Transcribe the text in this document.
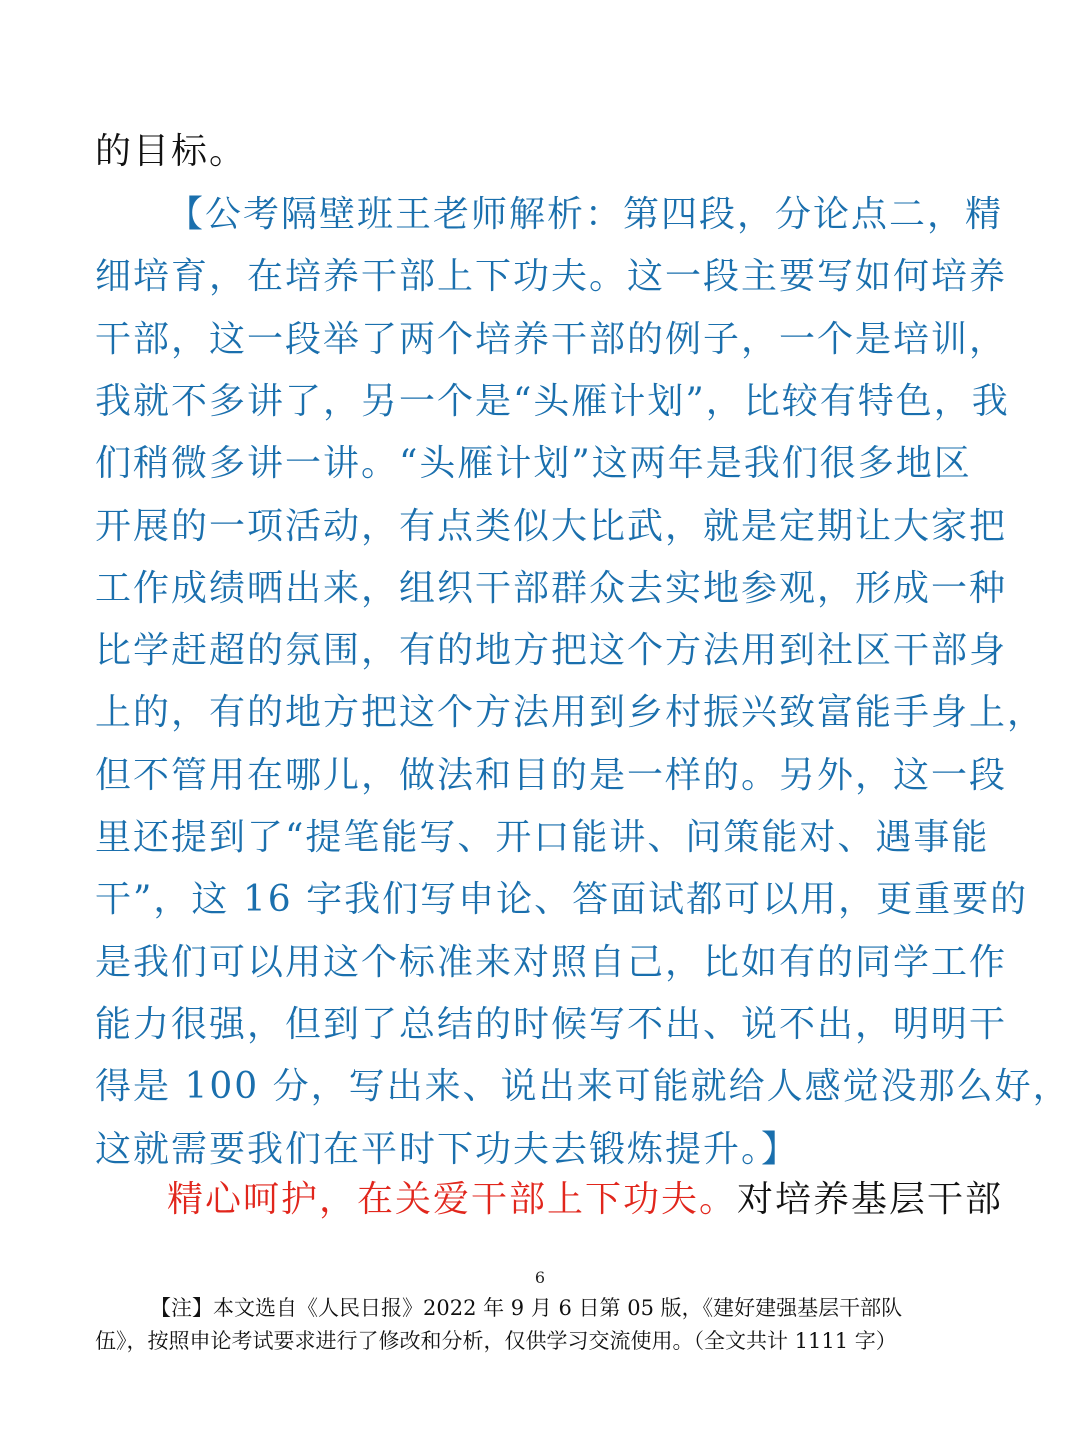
的目标。
【公考隔壁班王老师解析：第四段，分论点二，精
细培育，在培养干部上下功夫。这一段主要写如何培养
干部，这一段举了两个培养干部的例子，一个是培训，
我就不多讲了，另一个是“头雁计划”，比较有特色，我
们稍微多讲一讲。“头雁计划”这两年是我们很多地区
开展的一项活动，有点类似大比武，就是定期让大家把
工作成绩晒出来，组织干部群众去实地参观，形成一种
比学赶超的氛围，有的地方把这个方法用到社区干部身
上的，有的地方把这个方法用到乡村振兴致富能手身上，
但不管用在哪儿，做法和目的是一样的。另外，这一段
里还提到了“提笔能写、开口能讲、问策能对、遇事能
干”，这 16 字我们写申论、答面试都可以用，更重要的
是我们可以用这个标准来对照自己，比如有的同学工作
能力很强，但到了总结的时候写不出、说不出，明明干
得是 100 分，写出来、说出来可能就给人感觉没那么好，
这就需要我们在平时下功夫去锻炼提升。】
精心呵护，在关爱干部上下功夫。对培养基层干部
6
【注】本文选自《人民日报》2022 年 9 月 6 日第 05 版，《建好建强基层干部队
伍》，按照申论考试要求进行了修改和分析，仅供学习交流使用。（全文共计 1111 字）
